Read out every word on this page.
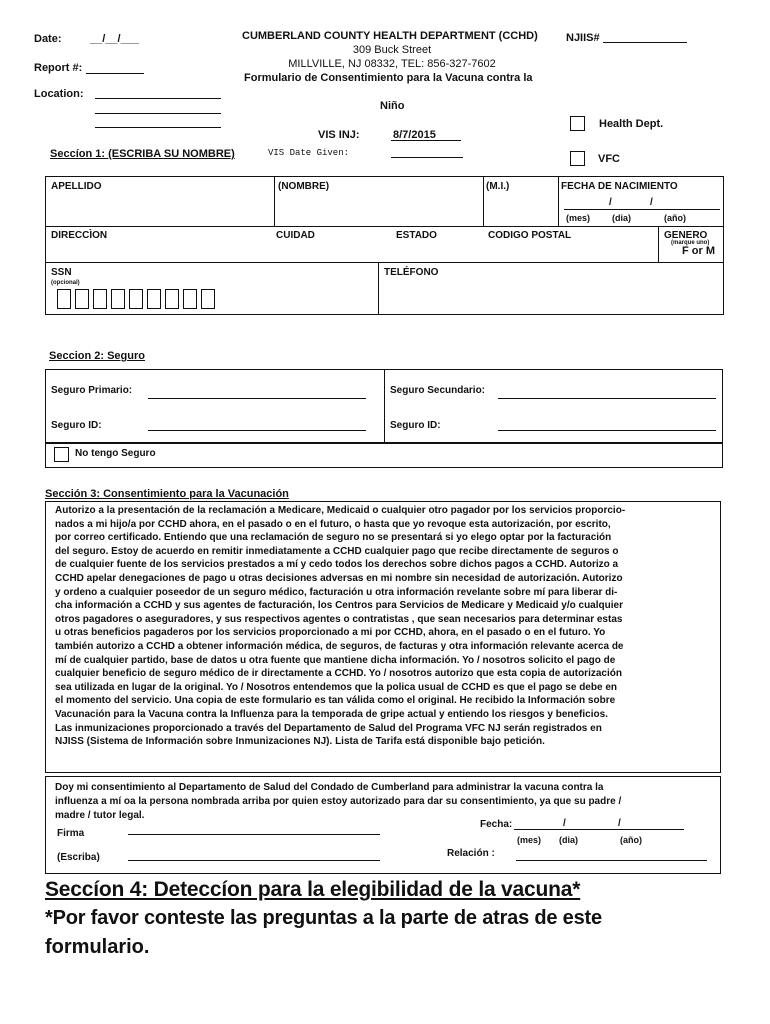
Date:	__/__/___
Report #:
Location:
CUMBERLAND COUNTY HEALTH DEPARTMENT (CCHD)
309 Buck Street
MILLVILLE, NJ 08332, TEL: 856-327-7602
Formulario de Consentimiento para la Vacuna contra la
Niño
NJIIS#
Health Dept.
VFC
VIS INJ:	8/7/2015
VIS Date Given:
Seccíon 1: (ESCRIBA SU NOMBRE)
APELLIDO	(NOMBRE)	(M.I.)	FECHA DE NACIMIENTO
/	/
(mes) (dia)	(año)
DIRECCÌON	CUIDAD	ESTADO	CODIGO POSTAL	GENERO
(marque uno)
F or M
SSN
(opcional)
TELÉFONO
Seccion 2: Seguro
Seguro Primario:	Seguro Secundario:
Seguro ID:	Seguro ID:
No tengo Seguro
Sección 3: Consentimiento para la Vacunación
Autorizo a la presentación de la reclamación a Medicare, Medicaid o cualquier otro pagador por los servicios proporcio-
nados a mi hijo/a por CCHD ahora, en el pasado o en el futuro, o hasta que yo revoque esta autorización, por escrito,
por correo certificado. Entiendo que una reclamación de seguro no se presentará si yo elego optar por la facturación
del seguro. Estoy de acuerdo en remitir inmediatamente a CCHD cualquier pago que recibe directamente de seguros o
de cualquier fuente de los servicios prestados a mí y cedo todos los derechos sobre dichos pagos a CCHD. Autorizo a
CCHD apelar denegaciones de pago u otras decisiones adversas en mi nombre sin necesidad de autorización. Autorizo
y ordeno a cualquier poseedor de un seguro médico, facturación u otra información revelante sobre mí para liberar di-
cha información a CCHD y sus agentes de facturación, los Centros para Servicios de Medicare y Medicaid y/o cualquier
otros pagadores o aseguradores, y sus respectivos agentes o contratistas , que sean necesarios para determinar estas
u otras beneficios pagaderos por los servicios proporcionado a mi por CCHD, ahora, en el pasado o en el futuro. Yo
también autorizo a CCHD a obtener información médica, de seguros, de facturas y otra información relevante acerca de
mí de cualquier partido, base de datos u otra fuente que mantiene dicha información. Yo / nosotros solicito el pago de
cualquier beneficio de seguro médico de ir directamente a CCHD. Yo / nosotros autorizo que esta copia de autorización
sea utilizada en lugar de la original. Yo / Nosotros entendemos que la polica usual de CCHD es que el pago se debe en
el momento del servicio. Una copia de este formulario es tan válida como el original. He recibido la Información sobre
Vacunación para la Vacuna contra la Influenza para la temporada de gripe actual y entiendo los riesgos y beneficios.
Las inmunizaciones proporcionado a través del Departamento de Salud del Programa VFC NJ serán registrados en
NJISS (Sistema de Información sobre Inmunizaciones NJ). Lista de Tarifa está disponible bajo petición.
Doy mi consentimiento al Departamento de Salud del Condado de Cumberland para administrar la vacuna contra la
influenza a mí oa la persona nombrada arriba por quien estoy autorizado para dar su consentimiento, ya que su padre /
madre / tutor legal.
Firma
(Escriba)
Fecha:	/	/
(mes) (dia)	(año)
Relación :
Seccíon 4: Deteccíon para la elegibilidad de la vacuna*
*Por favor conteste las preguntas a la parte de atras de este
formulario.
